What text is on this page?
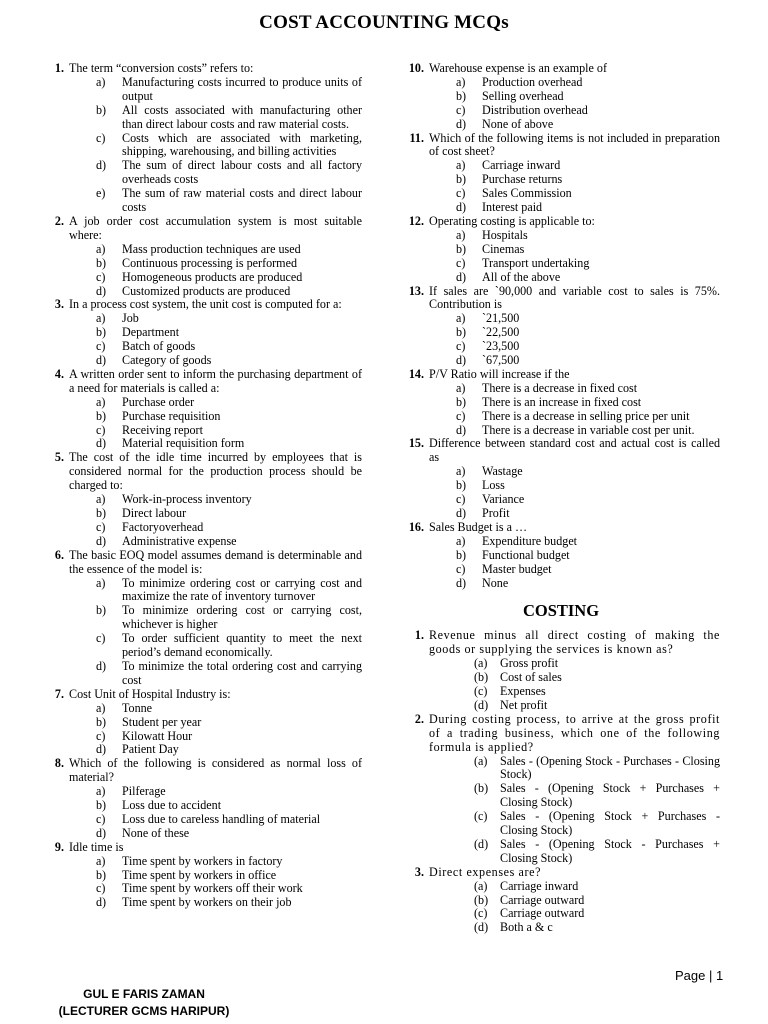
COST ACCOUNTING MCQs
1. The term “conversion costs” refers to:
a)	Manufacturing costs incurred to produce units of output
b)	All costs associated with manufacturing other than direct labour costs and raw material costs.
c)	Costs which are associated with marketing, shipping, warehousing, and billing activities
d)	The sum of direct labour costs and all factory overheads costs
e)	The sum of raw material costs and direct labour costs
2. A job order cost accumulation system is most suitable where:
a)	Mass production techniques are used
b)	Continuous processing is performed
c)	Homogeneous products are produced
d)	Customized products are produced
3. In a process cost system, the unit cost is computed for a:
a)	Job
b)	Department
c)	Batch of goods
d)	Category of goods
4. A written order sent to inform the purchasing department of a need for materials is called a:
a)	Purchase order
b)	Purchase requisition
c)	Receiving report
d)	Material requisition form
5. The cost of the idle time incurred by employees that is considered normal for the production process should be charged to:
a)	Work-in-process inventory
b)	Direct labour
c)	Factoryoverhead
d)	Administrative expense
6. The basic EOQ model assumes demand is determinable and the essence of the model is:
a)	To minimize ordering cost or carrying cost and maximize the rate of inventory turnover
b)	To minimize ordering cost or carrying cost, whichever is higher
c)	To order sufficient quantity to meet the next period’s demand economically.
d)	To minimize the total ordering cost and carrying cost
7. Cost Unit of Hospital Industry is:
a)	Tonne
b)	Student per year
c)	Kilowatt Hour
d)	Patient Day
8. Which of the following is considered as normal loss of material?
a)	Pilferage
b)	Loss due to accident
c)	Loss due to careless handling of material
d)	None of these
9. Idle time is
a)	Time spent by workers in factory
b)	Time spent by workers in office
c)	Time spent by workers off their work
d)	Time spent by workers on their job
10. Warehouse expense is an example of
a)	Production overhead
b)	Selling overhead
c)	Distribution overhead
d)	None of above
11. Which of the following items is not included in preparation of cost sheet?
a)	Carriage inward
b)	Purchase returns
c)	Sales Commission
d)	Interest paid
12. Operating costing is applicable to:
a)	Hospitals
b)	Cinemas
c)	Transport undertaking
d)	All of the above
13. If sales are `90,000 and variable cost to sales is 75%. Contribution is
a)	`21,500
b)	`22,500
c)	`23,500
d)	`67,500
14. P/V Ratio will increase if the
a)	There is a decrease in fixed cost
b)	There is an increase in fixed cost
c)	There is a decrease in selling price per unit
d)	There is a decrease in variable cost per unit.
15. Difference between standard cost and actual cost is called as
a)	Wastage
b)	Loss
c)	Variance
d)	Profit
16. Sales Budget is a …
a)	Expenditure budget
b)	Functional budget
c)	Master budget
d)	None
COSTING
1. Revenue minus all direct costing of making the goods or supplying the services is known as?
(a)	Gross profit
(b) Cost of sales
(c)	Expenses
(d) Net profit
2. During costing process, to arrive at the gross profit of a trading business, which one of the following formula is applied?
(a)	Sales - (Opening Stock - Purchases - Closing Stock)
(b) Sales - (Opening Stock + Purchases + Closing Stock)
(c)	Sales - (Opening Stock + Purchases - Closing Stock)
(d) Sales - (Opening Stock - Purchases + Closing Stock)
3. Direct expenses are?
(a)	Carriage inward
(b) Carriage outward
(c)	Carriage outward
(d) Both a & c
Page | 1
GUL E FARIS ZAMAN
(LECTURER GCMS HARIPUR)
